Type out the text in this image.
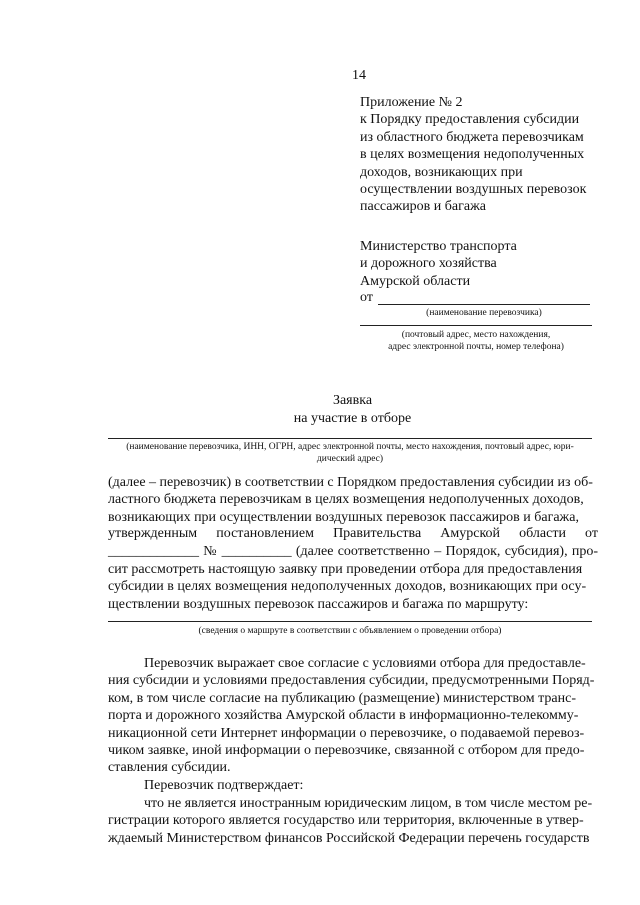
14
Приложение № 2
к Порядку предоставления субсидии
из областного бюджета перевозчикам
в целях возмещения недополученных
доходов, возникающих при
осуществлении воздушных перевозок
пассажиров и багажа
Министерство транспорта
и дорожного хозяйства
Амурской области
от
(наименование перевозчика)
(почтовый адрес, место нахождения,
адрес электронной почты, номер телефона)
Заявка
на участие в отборе
(наименование перевозчика, ИНН, ОГРН, адрес электронной почты, место нахождения, почтовый адрес, юри-
дический адрес)
(далее – перевозчик) в соответствии с Порядком предоставления субсидии из об-
ластного бюджета перевозчикам в целях возмещения недополученных доходов,
возникающих при осуществлении воздушных перевозок пассажиров и багажа,
утвержденным постановлением Правительства Амурской области от
_____________ № __________ (далее соответственно – Порядок, субсидия), про-
сит рассмотреть настоящую заявку при проведении отбора для предоставления
субсидии в целях возмещения недополученных доходов, возникающих при осу-
ществлении воздушных перевозок пассажиров и багажа по маршруту:
(сведения о маршруте в соответствии с объявлением о проведении отбора)
Перевозчик выражает свое согласие с условиями отбора для предоставле-
ния субсидии и условиями предоставления субсидии, предусмотренными Поряд-
ком, в том числе согласие на публикацию (размещение) министерством транс-
порта и дорожного хозяйства Амурской области в информационно-телекомму-
никационной сети Интернет информации о перевозчике, о подаваемой перевоз-
чиком заявке, иной информации о перевозчике, связанной с отбором для предо-
ставления субсидии.
Перевозчик подтверждает:
что не является иностранным юридическим лицом, в том числе местом ре-
гистрации которого является государство или территория, включенные в утвер-
ждаемый Министерством финансов Российской Федерации перечень государств
